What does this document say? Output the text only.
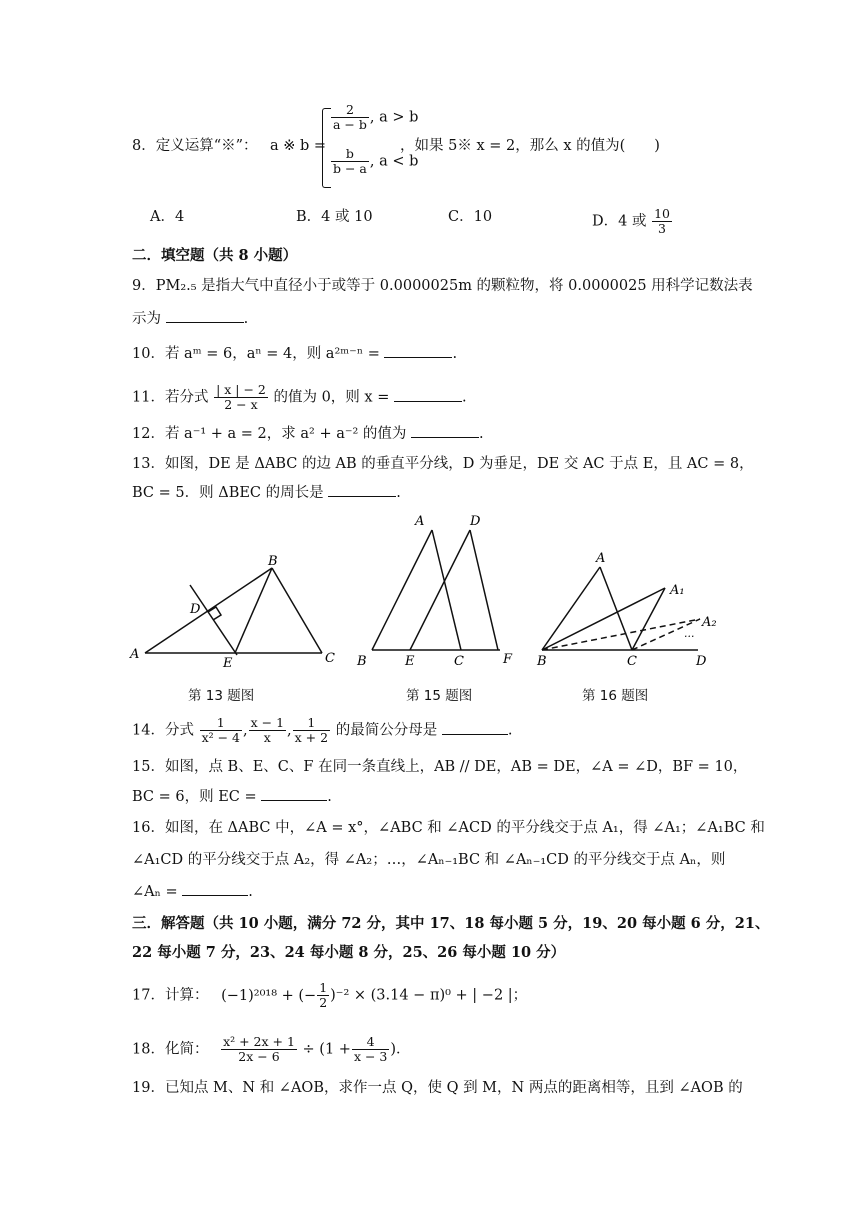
8．定义运算“※”： a ※ b =
$\frac{2}{a - b}$ , a > b
$\frac{b}{b - a}$ , a < b
，如果 5※ x = 2，那么 x 的值为(　　)
A．4	B．4 或 10	C．10	D．4 或 $\frac{10}{3}$
二．填空题（共 8 小题）
9．PM₂.₅ 是指大气中直径小于或等于 0.0000025m 的颗粒物，将 0.0000025 用科学记数法表
示为	.
10．若 aᵐ = 6，aⁿ = 4，则 a²ᵐ⁻ⁿ =	.
11．若分式 $\frac{| x | - 2}{2 - x}$ 的值为 0，则 x =	.
12．若 a⁻¹ + a = 2，求 a² + a⁻² 的值为	.
13．如图，DE 是 ΔABC 的边 AB 的垂直平分线，D 为垂足，DE 交 AC 于点 E，且 AC = 8，
BC = 5．则 ΔBEC 的周长是	.
A
B
C
D
E
A	D
B	E	C	F
A
A₁
A₂
···
B	C	D
第 13 题图	第 15 题图	第 16 题图
14．分式 $\frac{1}{\text{x² − 4}}$ , $\frac{x - 1}{x}$ , $\frac{1}{x + 2}$ 的最简公分母是	.
15．如图，点 B、E、C、F 在同一条直线上，AB // DE，AB = DE，∠A = ∠D，BF = 10，
BC = 6，则 EC =	.
16．如图，在 ΔABC 中，∠A = x°，∠ABC 和 ∠ACD 的平分线交于点 A₁，得 ∠A₁；∠A₁BC 和
∠A₁CD 的平分线交于点 A₂，得 ∠A₂；…，∠Aₙ₋₁BC 和 ∠Aₙ₋₁CD 的平分线交于点 Aₙ，则
∠Aₙ =	.
三．解答题（共 10 小题，满分 72 分，其中 17、18 每小题 5 分，19、20 每小题 6 分，21、
22 每小题 7 分，23、24 每小题 8 分，25、26 每小题 10 分）
17．计算： (−1)²⁰¹⁸ + (− $\frac{1}{2} )^{-2} \times (3.14 - \pi)^0$ + | −2 |；
18．化简： $\frac{\text{x² + 2x + 1}}{2x - 6} \div (1 + \frac{4}{x - 3}$ )．
19．已知点 M、N 和 ∠AOB，求作一点 Q，使 Q 到 M，N 两点的距离相等，且到 ∠AOB 的
